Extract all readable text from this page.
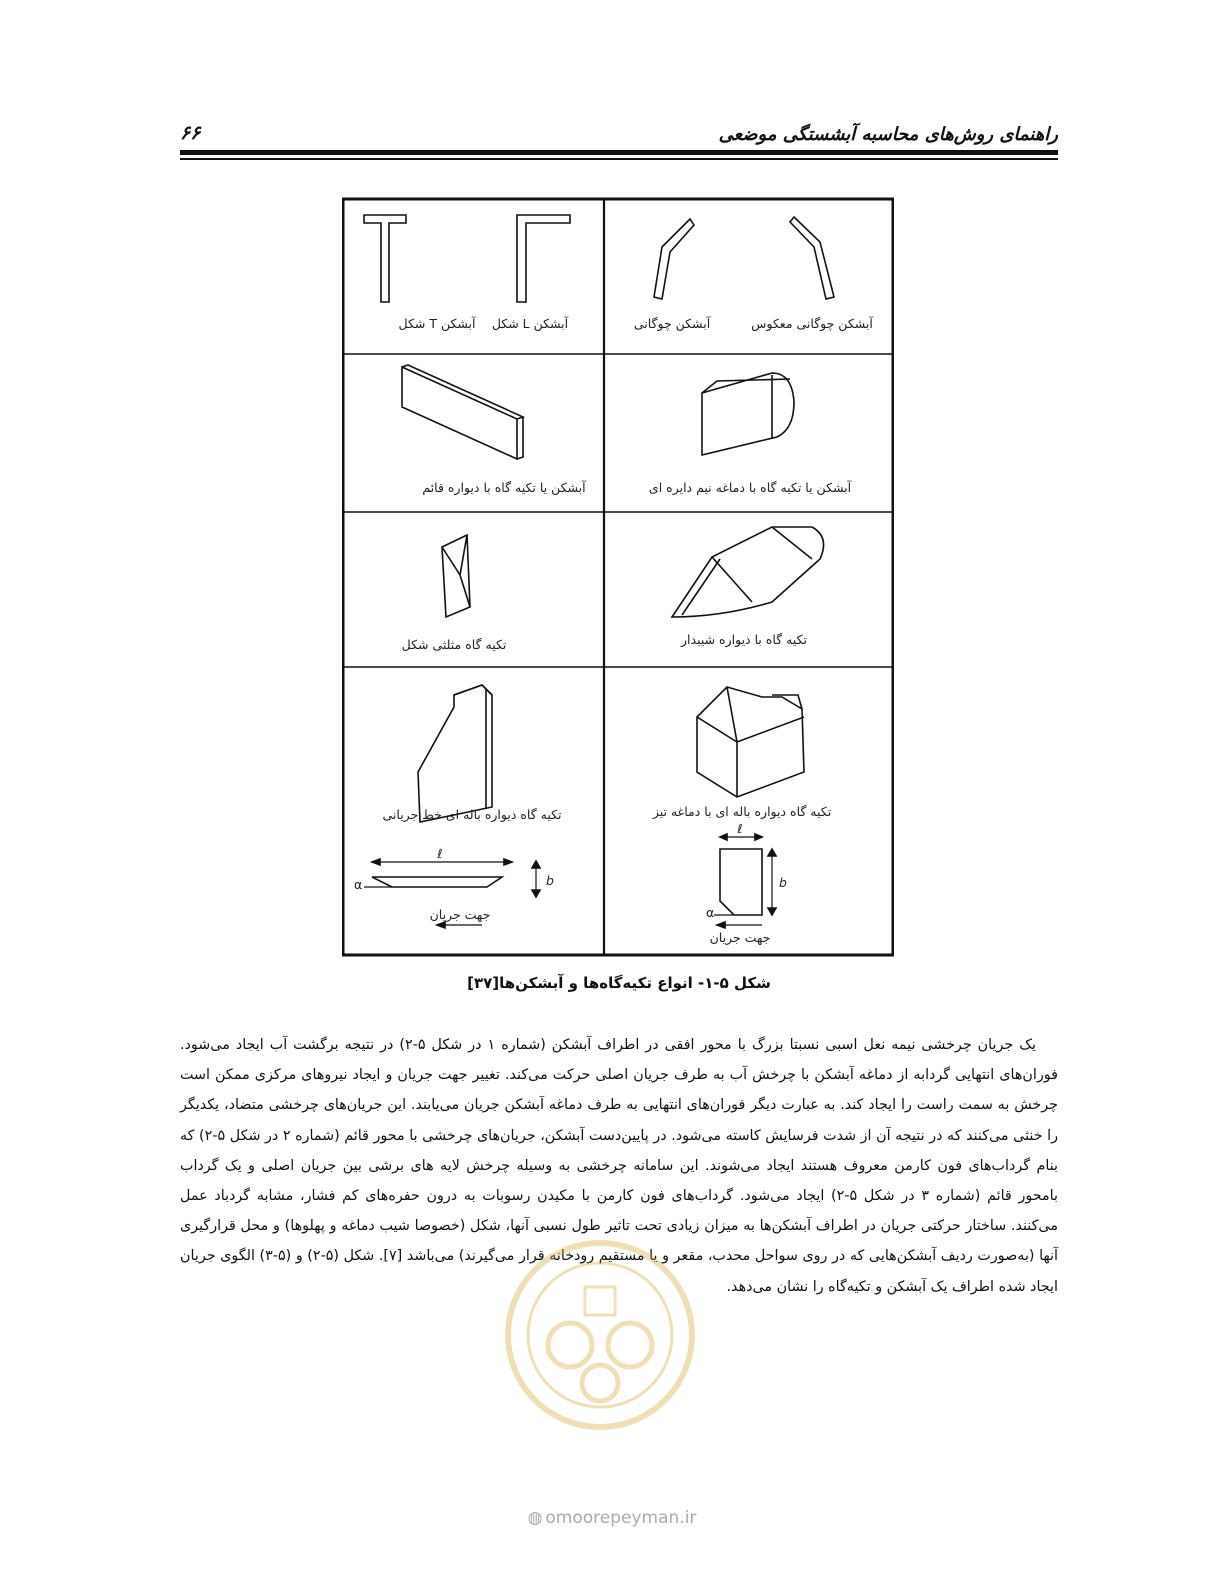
۶۶	راهنمای روش‌های محاسبه آبشستگی موضعی
آبشکن T شکل آبشکن L شکل	آبشکن چوگانی	آبشکن چوگانی معکوس
آبشکن یا تکیه گاه با دیواره قائم	آبشکن یا تکیه گاه با دماغه نیم دایره ای
تکیه گاه مثلثی شکل	تکیه گاه با دیواره شیبدار
تکیه گاه دیواره باله ای خط جریانی	تکیه گاه دیواره باله ای با دماغه تیز
جهت جریان
جهت جریان
ℓ
b
α
ℓ
b
α
شکل ۵-۱- انواع تکیه‌گاه‌ها و آبشکن‌ها[۳۷]

یک جریان چرخشی نیمه نعل اسبی نسبتا بزرگ با محور افقی در اطراف آبشکن (شماره ۱ در شکل ۵-۲) در نتیجه برگشت آب ایجاد می‌شود. فوران‌های انتهایی گردابه از دماغه آبشکن با چرخش آب به طرف جریان اصلی حرکت می‌کند. تغییر جهت جریان و ایجاد نیروهای مرکزی ممکن است چرخش به سمت راست را ایجاد کند. به عبارت دیگر فوران‌های انتهایی به طرف دماغه آبشکن جریان می‌یابند. این جریان‌های چرخشی متضاد، یکدیگر را خنثی می‌کنند که در نتیجه آن از شدت فرسایش کاسته می‌شود. در پایین‌دست آبشکن، جریان‌های چرخشی با محور قائم (شماره ۲ در شکل ۵-۲) که بنام گرداب‌های فون کارمن معروف هستند ایجاد می‌شوند. این سامانه چرخشی به وسیله چرخش لایه های برشی بین جریان اصلی و یک گرداب بامحور قائم (شماره ۳ در شکل ۵-۲) ایجاد می‌شود. گرداب‌های فون کارمن با مکیدن رسوبات به درون حفره‌های کم فشار، مشابه گردباد عمل می‌کنند. ساختار حرکتی جریان در اطراف آبشکن‌ها به میزان زیادی تحت تاثیر طول نسبی آنها، شکل (خصوصا شیب دماغه و پهلوها) و محل قرارگیری آنها (به‌صورت ردیف آبشکن‌هایی که در روی سواحل محدب، مقعر و یا مستقیم رودخانه قرار می‌گیرند) می‌باشد [۷]. شکل (۵-۲) و (۵-۳) الگوی جریان ایجاد شده اطراف یک آبشکن و تکیه‌گاه را نشان می‌دهد.

◍ omoorepeyman.ir
